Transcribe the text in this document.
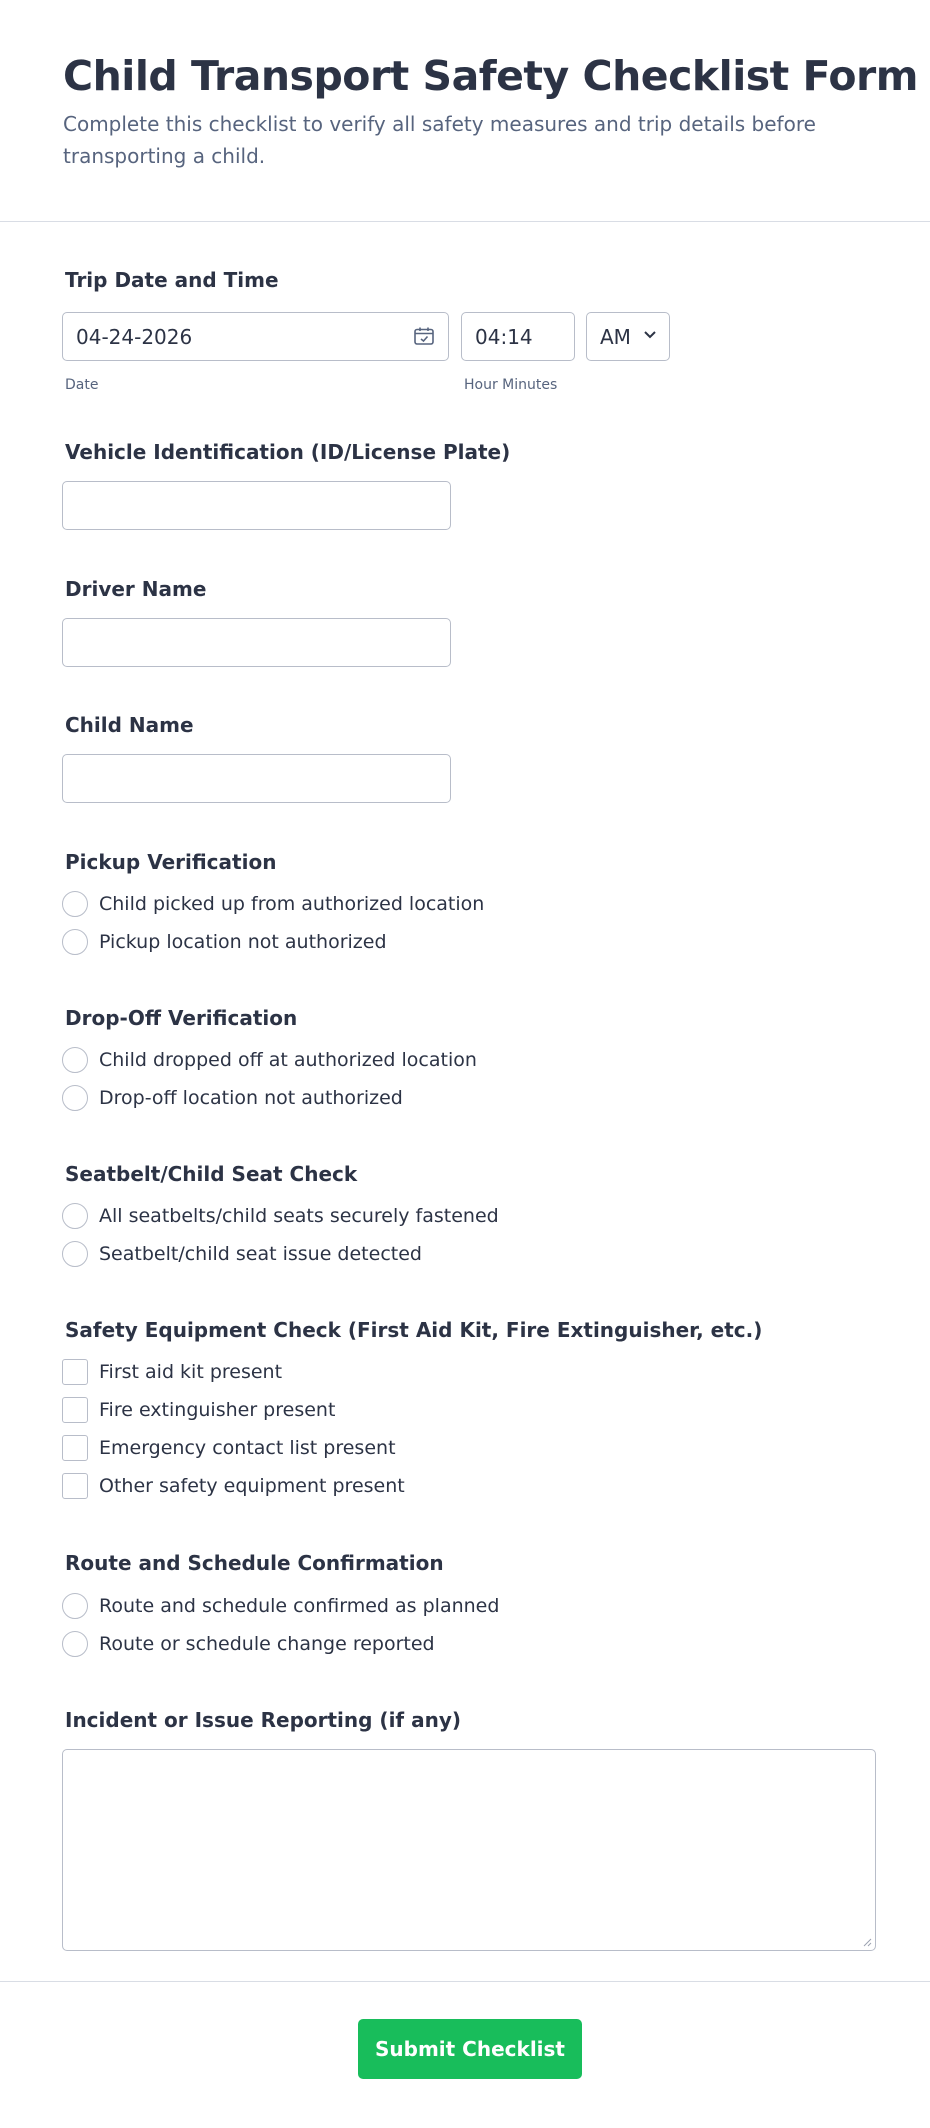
Child Transport Safety Checklist Form
Complete this checklist to verify all safety measures and trip details before transporting a child.
Trip Date and Time
04-24-2026	04:14	AM
Date	Hour Minutes
Vehicle Identification (ID/License Plate)
Driver Name
Child Name
Pickup Verification
Child picked up from authorized location
Pickup location not authorized
Drop-Off Verification
Child dropped off at authorized location
Drop-off location not authorized
Seatbelt/Child Seat Check
All seatbelts/child seats securely fastened
Seatbelt/child seat issue detected
Safety Equipment Check (First Aid Kit, Fire Extinguisher, etc.)
First aid kit present
Fire extinguisher present
Emergency contact list present
Other safety equipment present
Route and Schedule Confirmation
Route and schedule confirmed as planned
Route or schedule change reported
Incident or Issue Reporting (if any)
Submit Checklist
